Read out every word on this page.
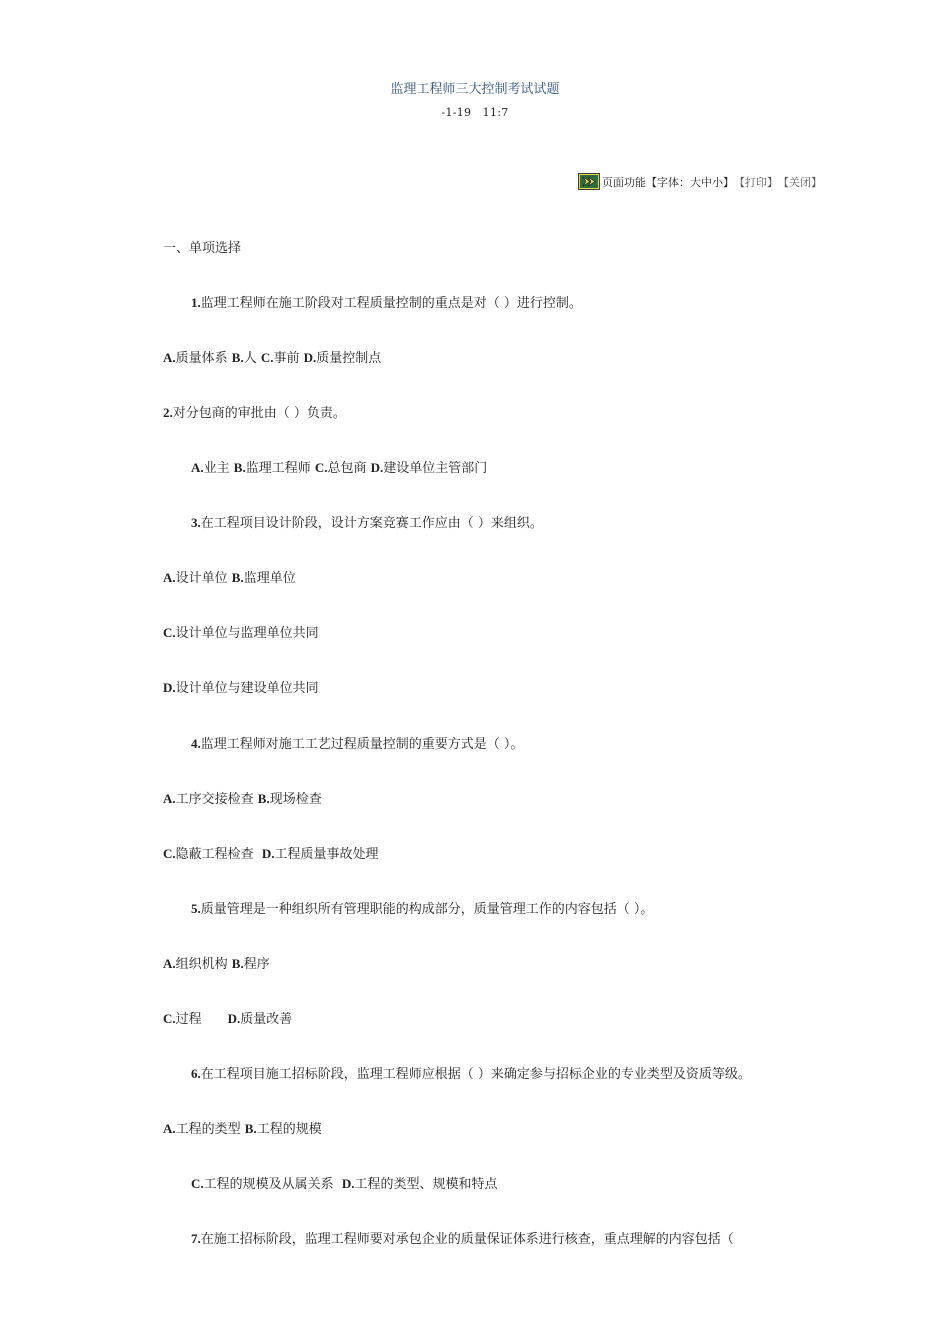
监理工程师三大控制考试试题
-1-19　11:7
页面功能 【字体： 大 中 小 】 【打印】 【关闭】
一、单项选择
1.监理工程师在施工阶段对工程质量控制的重点是对（ ）进行控制。
A.质量体系 B.人 C.事前 D.质量控制点
2.对分包商的审批由（ ）负责。
A.业主 B.监理工程师 C.总包商 D.建设单位主管部门
3.在工程项目设计阶段，设计方案竞赛工作应由（ ）来组织。
A.设计单位 B.监理单位
C.设计单位与监理单位共同
D.设计单位与建设单位共同
4.监理工程师对施工工艺过程质量控制的重要方式是（ ）。
A.工序交接检查 B.现场检查
C.隐蔽工程检查  D.工程质量事故处理
5.质量管理是一种组织所有管理职能的构成部分，质量管理工作的内容包括（ ）。
A.组织机构 B.程序
C.过程　　D.质量改善
6.在工程项目施工招标阶段，监理工程师应根据（ ）来确定参与招标企业的专业类型及资质等级。
A.工程的类型 B.工程的规模
C.工程的规模及从属关系  D.工程的类型、规模和特点
7.在施工招标阶段，监理工程师要对承包企业的质量保证体系进行核查，重点理解的内容包括（
